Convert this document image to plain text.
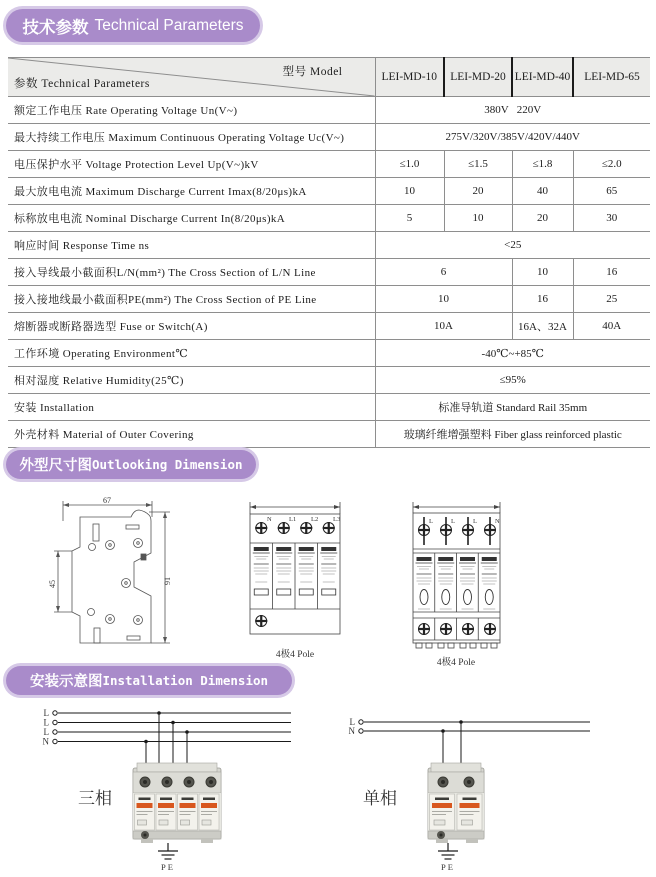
技术参数 Technical Parameters
型号 Model
参数 Technical Parameters	LEI-MD-10	LEI-MD-20	LEI-MD-40	LEI-MD-65
额定工作电压 Rate Operating Voltage Un(V~)	380V   220V			
最大持续工作电压 Maximum Continuous Operating Voltage Uc(V~)	275V/320V/385V/420V/440V			
电压保护水平 Voltage Protection Level Up(V~)kV	≤1.0	≤1.5	≤1.8	≤2.0
最大放电电流 Maximum Discharge Current Imax(8/20μs)kA	10	20	40	65
标称放电电流 Nominal Discharge Current In(8/20μs)kA	5	10	20	30
响应时间 Response Time ns	<25			
接入导线最小截面积L/N(mm²) The Cross Section of L/N Line	6		10	16
接入接地线最小截面积PE(mm²) The Cross Section of PE Line	10		16	25
熔断器或断路器选型 Fuse or Switch(A)	10A		16A、32A	40A
工作环境 Operating Environment℃	-40℃~+85℃			
相对湿度 Relative Humidity(25℃)	≤95%			
安装 Installation	标准导轨道 Standard Rail 35mm			
外壳材料 Material of Outer Covering	玻璃纤维增强塑料 Fiber glass reinforced plastic			
外型尺寸图 Outlooking Dimension
67
45	91
N	L1 L2 L3
4极4 Pole
L	L	L	N
4极4 Pole
安装示意图 Installation Dimension
L
L
L
N
三相
PE
L
N
单相
PE
